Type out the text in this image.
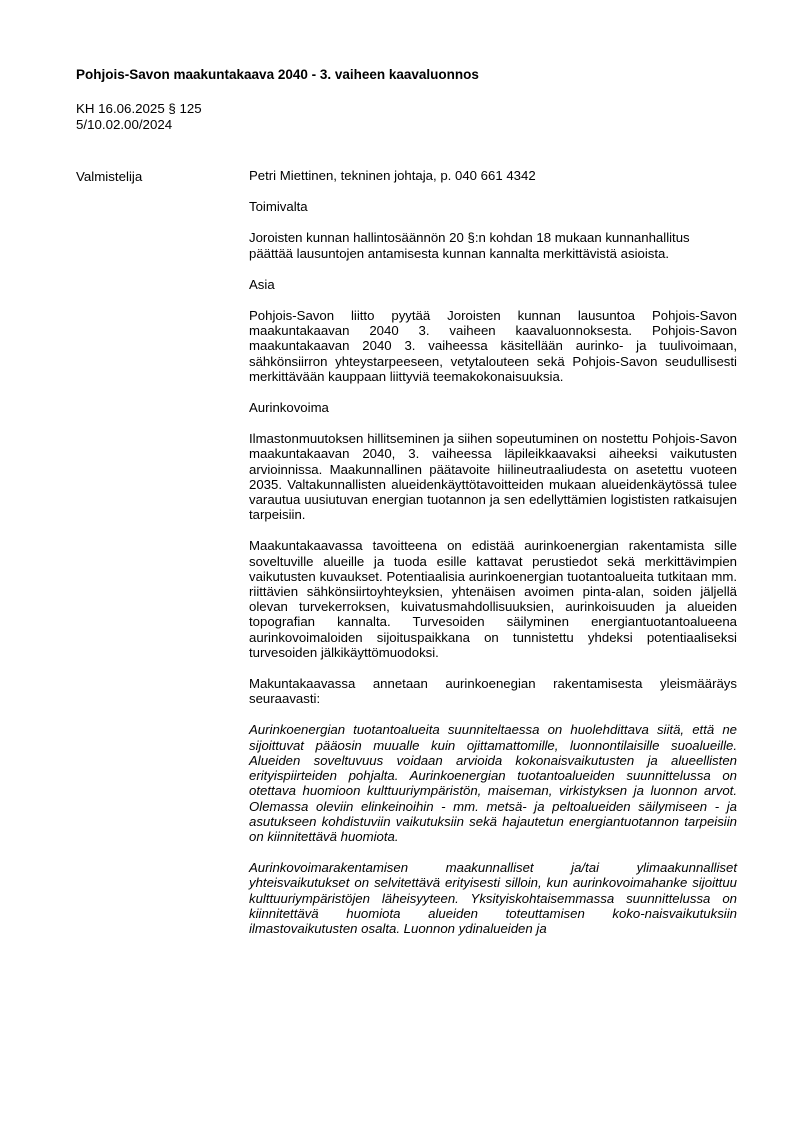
Pohjois-Savon maakuntakaava 2040 - 3. vaiheen kaavaluonnos
KH 16.06.2025 § 125
5/10.02.00/2024
Valmistelija	Petri Miettinen, tekninen johtaja, p. 040 661 4342

Toimivalta

Joroisten kunnan hallintosäännön 20 §:n kohdan 18 mukaan kunnanhallitus päättää lausuntojen antamisesta kunnan kannalta merkittävistä asioista.

Asia

Pohjois-Savon liitto pyytää Joroisten kunnan lausuntoa Pohjois-Savon maakuntakaavan 2040 3. vaiheen kaavaluonnoksesta. Pohjois-Savon maakuntakaavan 2040 3. vaiheessa käsitellään aurinko- ja tuulivoimaan, sähkönsiirron yhteystarpeeseen, vetytalouteen sekä Pohjois-Savon seudullisesti merkittävään kauppaan liittyviä teemakokonaisuuksia.

Aurinkovoima

Ilmastonmuutoksen hillitseminen ja siihen sopeutuminen on nostettu Pohjois-Savon maakuntakaavan 2040, 3. vaiheessa läpileikkaavaksi aiheeksi vaikutusten arvioinnissa. Maakunnallinen päätavoite hiilineutraaliudesta on asetettu vuoteen 2035. Valtakunnallisten alueidenkäyttötavoitteiden mukaan alueidenkäytössä tulee varautua uusiutuvan energian tuotannon ja sen edellyttämien logististen ratkaisujen tarpeisiin.

Maakuntakaavassa tavoitteena on edistää aurinkoenergian rakentamista sille soveltuville alueille ja tuoda esille kattavat perustiedot sekä merkittävimpien vaikutusten kuvaukset. Potentiaalisia aurinkoenergian tuotantoalueita tutkitaan mm. riittävien sähkönsiirtoyhteyksien, yhtenäisen avoimen pinta-alan, soiden jäljellä olevan turvekerroksen, kuivatusmahdollisuuksien, aurinkoisuuden ja alueiden topografian kannalta. Turvesoiden säilyminen energiantuotantoalueena aurinkovoimaloiden sijoituspaikkana on tunnistettu yhdeksi potentiaaliseksi turvesoiden jälkikäyttömuodoksi.

Makuntakaavassa annetaan aurinkoenegian rakentamisesta yleismääräys seuraavasti:

Aurinkoenergian tuotantoalueita suunniteltaessa on huolehdittava siitä, että ne sijoittuvat pääosin muualle kuin ojittamattomille, luonnontilaisille suoalueille. Alueiden soveltuvuus voidaan arvioida kokonaisvaikutusten ja alueellisten erityispiirteiden pohjalta. Aurinkoenergian tuotantoalueiden suunnittelussa on otettava huomioon kulttuuriympäristön, maiseman, virkistyksen ja luonnon arvot. Olemassa oleviin elinkeinoihin - mm. metsä- ja peltoalueiden säilymiseen - ja asutukseen kohdistuviin vaikutuksiin sekä hajautetun energiantuotannon tarpeisiin on kiinnitettävä huomiota.

Aurinkovoimarakentamisen maakunnalliset ja/tai ylimaakunnalliset yhteisvaikutukset on selvitettävä erityisesti silloin, kun aurinkovoimahanke sijoittuu kulttuuriympäristöjen läheisyyteen. Yksityiskohtaisemmassa suunnittelussa on kiinnitettävä huomiota alueiden toteuttamisen koko-naisvaikutuksiin ilmastovaikutusten osalta. Luonnon ydinalueiden ja
